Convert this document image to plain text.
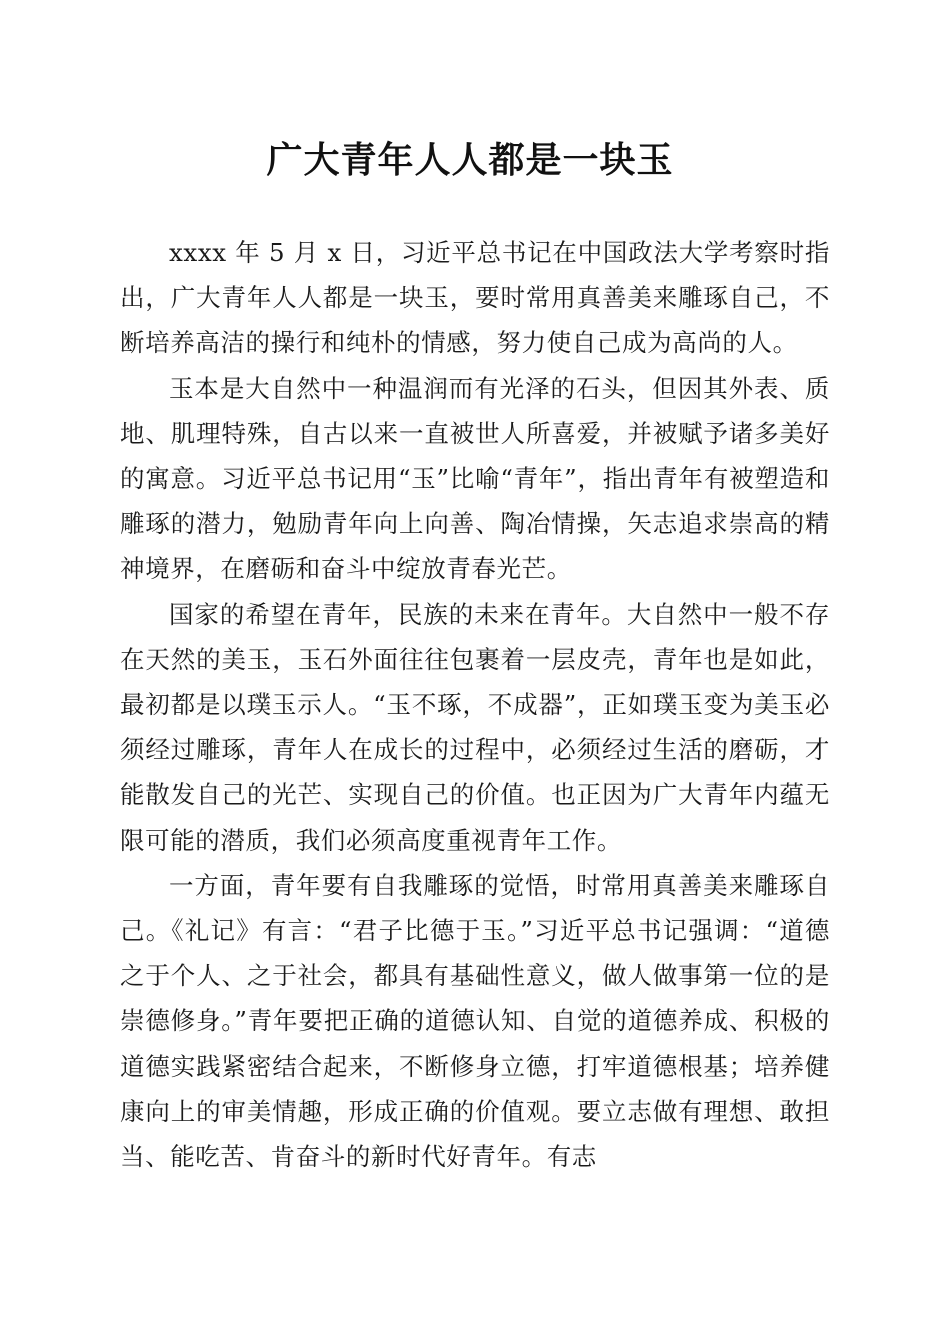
广大青年人人都是一块玉

xxxx 年 5 月 x 日，习近平总书记在中国政法大学考察时指出，广大青年人人都是一块玉，要时常用真善美来雕琢自己，不断培养高洁的操行和纯朴的情感，努力使自己成为高尚的人。

玉本是大自然中一种温润而有光泽的石头，但因其外表、质地、肌理特殊，自古以来一直被世人所喜爱，并被赋予诸多美好的寓意。习近平总书记用“玉”比喻“青年”，指出青年有被塑造和雕琢的潜力，勉励青年向上向善、陶冶情操，矢志追求崇高的精神境界，在磨砺和奋斗中绽放青春光芒。

国家的希望在青年，民族的未来在青年。大自然中一般不存在天然的美玉，玉石外面往往包裹着一层皮壳，青年也是如此，最初都是以璞玉示人。“玉不琢，不成器”，正如璞玉变为美玉必须经过雕琢，青年人在成长的过程中，必须经过生活的磨砺，才能散发自己的光芒、实现自己的价值。也正因为广大青年内蕴无限可能的潜质，我们必须高度重视青年工作。

一方面，青年要有自我雕琢的觉悟，时常用真善美来雕琢自己。《礼记》有言：“君子比德于玉。”习近平总书记强调：“道德之于个人、之于社会，都具有基础性意义，做人做事第一位的是崇德修身。”青年要把正确的道德认知、自觉的道德养成、积极的道德实践紧密结合起来，不断修身立德，打牢道德根基；培养健康向上的审美情趣，形成正确的价值观。要立志做有理想、敢担当、能吃苦、肯奋斗的新时代好青年。有志
